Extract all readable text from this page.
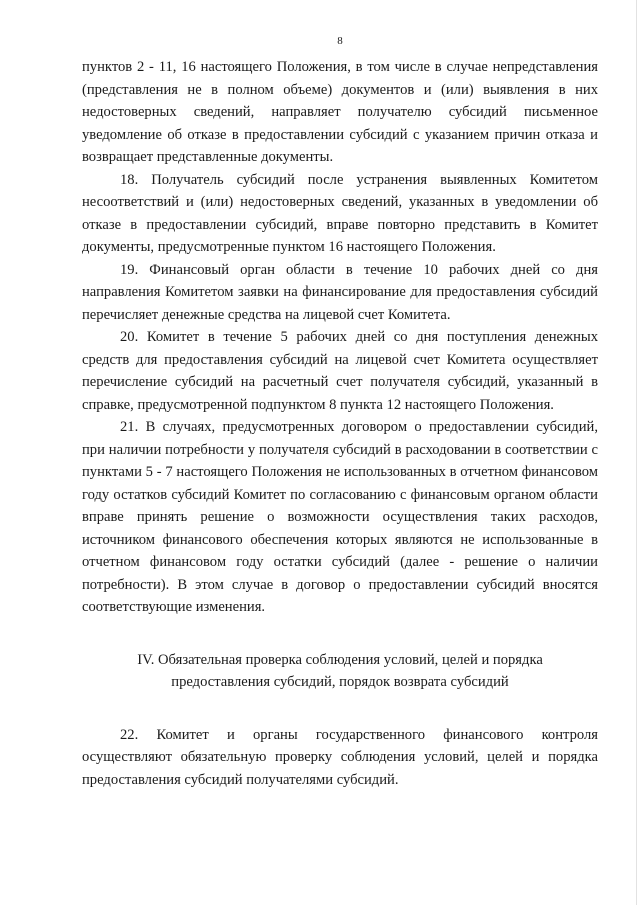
8

пунктов 2 - 11, 16 настоящего Положения, в том числе в случае непредставления (представления не в полном объеме) документов и (или) выявления в них недостоверных сведений, направляет получателю субсидий письменное уведомление об отказе в предоставлении субсидий с указанием причин отказа и возвращает представленные документы.

18. Получатель субсидий после устранения выявленных Комитетом несоответствий и (или) недостоверных сведений, указанных в уведомлении об отказе в предоставлении субсидий, вправе повторно представить в Комитет документы, предусмотренные пунктом 16 настоящего Положения.

19. Финансовый орган области в течение 10 рабочих дней со дня направления Комитетом заявки на финансирование для предоставления субсидий перечисляет денежные средства на лицевой счет Комитета.

20. Комитет в течение 5 рабочих дней со дня поступления денежных средств для предоставления субсидий на лицевой счет Комитета осуществляет перечисление субсидий на расчетный счет получателя субсидий, указанный в справке, предусмотренной подпунктом 8 пункта 12 настоящего Положения.

21. В случаях, предусмотренных договором о предоставлении субсидий, при наличии потребности у получателя субсидий в расходовании в соответствии с пунктами 5 - 7 настоящего Положения не использованных в отчетном финансовом году остатков субсидий Комитет по согласованию с финансовым органом области вправе принять решение о возможности осуществления таких расходов, источником финансового обеспечения которых являются не использованные в отчетном финансовом году остатки субсидий (далее - решение о наличии потребности). В этом случае в договор о предоставлении субсидий вносятся соответствующие изменения.

IV. Обязательная проверка соблюдения условий, целей и порядка
предоставления субсидий, порядок возврата субсидий

22. Комитет и органы государственного финансового контроля осуществляют обязательную проверку соблюдения условий, целей и порядка предоставления субсидий получателями субсидий.
